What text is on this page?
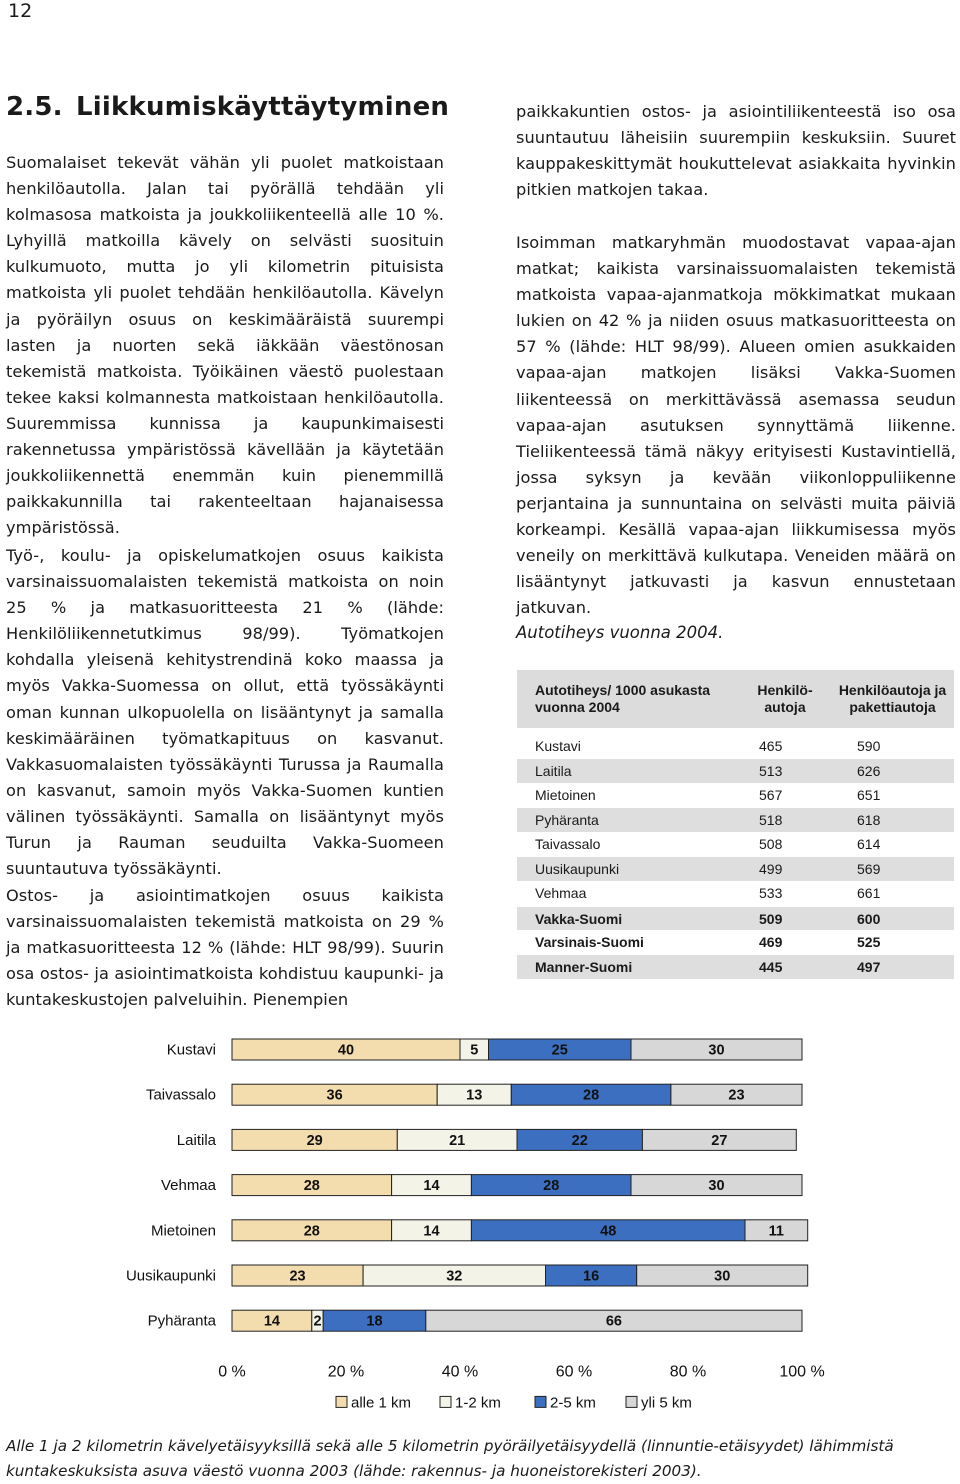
12
2.5. Liikkumiskäyttäytyminen

Suomalaiset tekevät vähän yli puolet matkoistaan henkilöautolla. Jalan tai pyörällä tehdään yli kolmasosa matkoista ja joukkoliikenteellä alle 10 %. Lyhyillä matkoilla kävely on selvästi suosituin kulkumuoto, mutta jo yli kilometrin pituisista matkoista yli puolet tehdään henkilöautolla. Kävelyn ja pyöräilyn osuus on keskimääräistä suurempi lasten ja nuorten sekä iäkkään väestönosan tekemistä matkoista. Työikäinen väestö puolestaan tekee kaksi kolmannesta matkoistaan henkilöautolla. Suuremmissa kunnissa ja kaupunkimaisesti rakennetussa ympäristössä kävellään ja käytetään joukkoliikennettä enemmän kuin pienemmillä paikkakunnilla tai rakenteeltaan hajanaisessa ympäristössä.

Työ-, koulu- ja opiskelumatkojen osuus kaikista varsinaissuomalaisten tekemistä matkoista on noin 25 % ja matkasuoritteesta 21 % (lähde: Henkilöliikennetutkimus 98/99). Työmatkojen kohdalla yleisenä kehitystrendinä koko maassa ja myös Vakka-Suomessa on ollut, että työssäkäynti oman kunnan ulkopuolella on lisääntynyt ja samalla keskimääräinen työmatkapituus on kasvanut. Vakkasuomalaisten työssäkäynti Turussa ja Raumalla on kasvanut, samoin myös Vakka-Suomen kuntien välinen työssäkäynti. Samalla on lisääntynyt myös Turun ja Rauman seuduilta Vakka-Suomeen suuntautuva työssäkäynti.

Ostos- ja asiointimatkojen osuus kaikista varsinaissuomalaisten tekemistä matkoista on 29 % ja matkasuoritteesta 12 % (lähde: HLT 98/99). Suurin osa ostos- ja asiointimatkoista kohdistuu kaupunki- ja kuntakeskustojen palveluihin. Pienempien

paikkakuntien ostos- ja asiointiliikenteestä iso osa suuntautuu läheisiin suurempiin keskuksiin. Suuret kauppakeskittymät houkuttelevat asiakkaita hyvinkin pitkien matkojen takaa.

Isoimman matkaryhmän muodostavat vapaa-ajan matkat; kaikista varsinaissuomalaisten tekemistä matkoista vapaa-ajanmatkoja mökkimatkat mukaan lukien on 42 % ja niiden osuus matkasuoritteesta on 57 % (lähde: HLT 98/99). Alueen omien asukkaiden vapaa-ajan matkojen lisäksi Vakka-Suomen liikenteessä on merkittävässä asemassa seudun vapaa-ajan asutuksen synnyttämä liikenne. Tieliikenteessä tämä näkyy erityisesti Kustavintiellä, jossa syksyn ja kevään viikonloppuliikenne perjantaina ja sunnuntaina on selvästi muita päiviä korkeampi. Kesällä vapaa-ajan liikkumisessa myös veneily on merkittävä kulkutapa. Veneiden määrä on lisääntynyt jatkuvasti ja kasvun ennustetaan jatkuvan.

Autotiheys vuonna 2004.
Autotiheys/ 1000 asukasta vuonna 2004	Henkilö-autoja	Henkilöautoja ja pakettiautoja

Kustavi	465	590
Laitila	513	626
Mietoinen	567	651
Pyhäranta	518	618
Taivassalo	508	614
Uusikaupunki	499	569
Vehmaa	533	661
Vakka-Suomi	509	600
Varsinais-Suomi	469	525
Manner-Suomi	445	497
Kustavi	40	5	25	30
Taivassalo	36	13	28	23
Laitila	29	21	22	27
Vehmaa	28	14	28	30
Mietoinen	28	14	48	11
Uusikaupunki	23	32	16	30
Pyhäranta	14 2	18	66
0 %	20 %	40 %	60 %	80 %	100 %
alle 1 km	1-2 km	2-5 km	yli 5 km
Alle 1 ja 2 kilometrin kävelyetäisyyksillä sekä alle 5 kilometrin pyöräilyetäisyydellä (linnuntie-etäisyydet) lähimmistä kuntakeskuksista asuva väestö vuonna 2003 (lähde: rakennus- ja huoneistorekisteri 2003).
